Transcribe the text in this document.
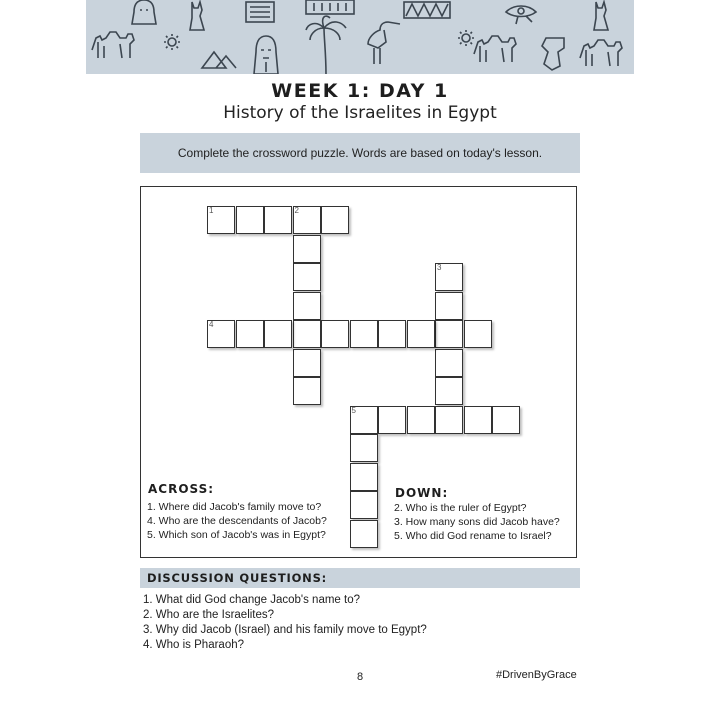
WEEK 1: DAY 1
History of the Israelites in Egypt
Complete the crossword puzzle. Words are based on today's lesson.
1	2
3
4
5
ACROSS:
1. Where did Jacob's family move to?
4. Who are the descendants of Jacob?
5. Which son of Jacob's was in Egypt?
DOWN:
2. Who is the ruler of Egypt?
3. How many sons did Jacob have?
5. Who did God rename to Israel?
DISCUSSION QUESTIONS:
1. What did God change Jacob's name to?
2. Who are the Israelites?
3. Why did Jacob (Israel) and his family move to Egypt?
4. Who is Pharaoh?
8	#DrivenByGrace
